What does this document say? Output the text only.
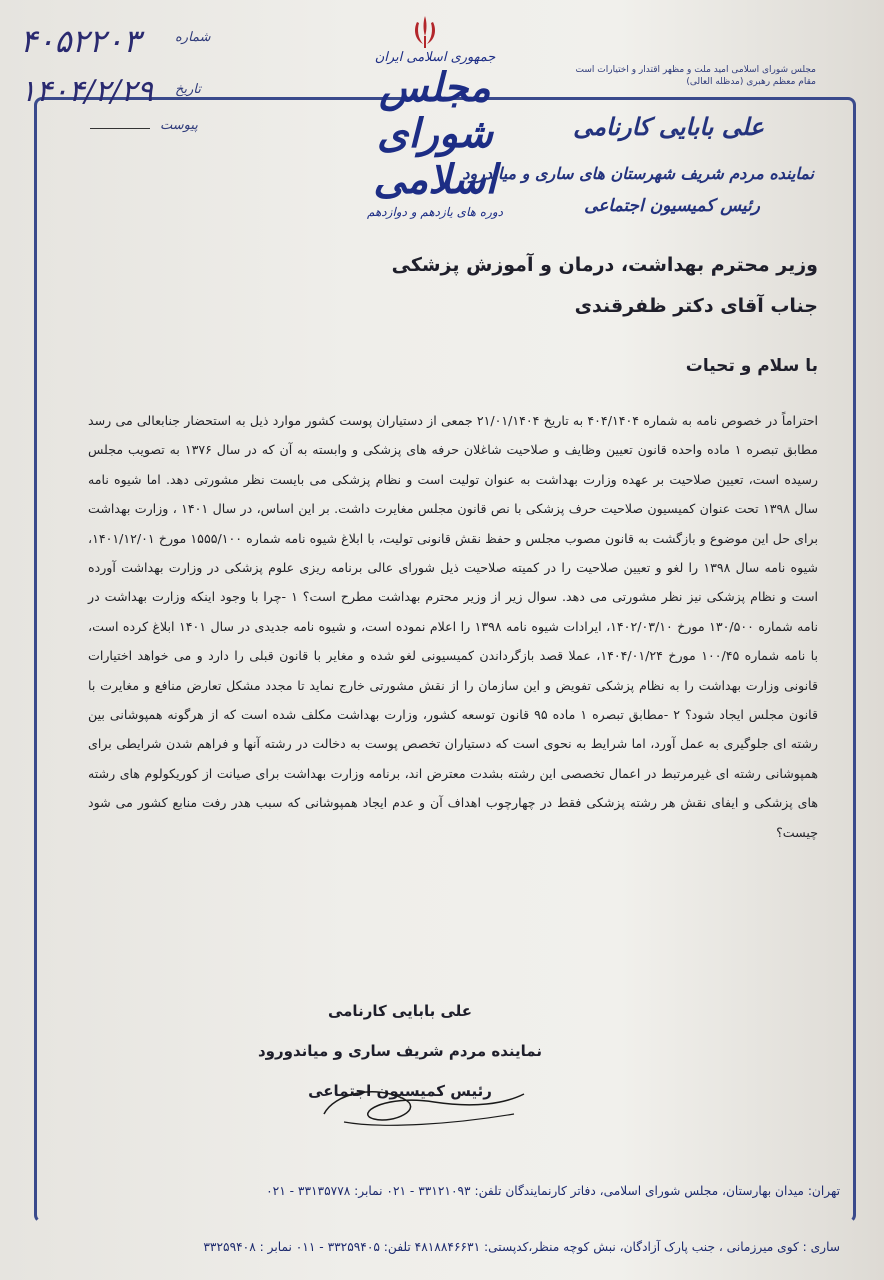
۴۰۵۲۲۰۳	شماره
۱۴۰۴/۲/۲۹ تاریخ
پیوست
جمهوری اسلامی ایران
مجلس شورای اسلامی
دوره های یازدهم و دوازدهم
مجلس شورای اسلامی امید ملت و مظهر اقتدار و اختیارات است
مقام معظم رهبری (مدظله العالی)
علی بابایی کارنامی
نماینده مردم شریف شهرستان های ساری و میاندرود
رئیس کمیسیون اجتماعی
وزیر محترم بهداشت، درمان و آموزش پزشکی
جناب آقای دکتر ظفرقندی
با سلام و تحیات
احتراماً در خصوص نامه به شماره ۴۰۴/۱۴۰۴ به تاریخ ۲۱/۰۱/۱۴۰۴ جمعی از دستیاران پوست کشور موارد ذیل به استحضار جنابعالی می رسد مطابق تبصره ۱ ماده واحده قانون تعیین وظایف و صلاحیت شاغلان حرفه های پزشکی و وابسته به آن که در سال ۱۳۷۶ به تصویب مجلس رسیده است، تعیین صلاحیت بر عهده وزارت بهداشت به عنوان تولیت است و نظام پزشکی می بایست نظر مشورتی دهد. اما شیوه نامه سال ۱۳۹۸ تحت عنوان کمیسیون صلاحیت حرف پزشکی با نص قانون مجلس مغایرت داشت. بر این اساس، در سال ۱۴۰۱ ، وزارت بهداشت برای حل این موضوع و بازگشت به قانون مصوب مجلس و حفظ نقش قانونی تولیت، با ابلاغ شیوه نامه شماره ۱۵۵۵/۱۰۰ مورخ ۱۴۰۱/۱۲/۰۱، شیوه نامه سال ۱۳۹۸ را لغو و تعیین صلاحیت را در کمیته صلاحیت ذیل شورای عالی برنامه ریزی علوم پزشکی در وزارت بهداشت آورده است و نظام پزشکی نیز نظر مشورتی می دهد. سوال زیر از وزیر محترم بهداشت مطرح است؟ ۱ -چرا با وجود اینکه وزارت بهداشت در نامه شماره ۱۳۰/۵۰۰ مورخ ۱۴۰۲/۰۳/۱۰، ایرادات شیوه نامه ۱۳۹۸ را اعلام نموده است، و شیوه نامه جدیدی در سال ۱۴۰۱ ابلاغ کرده است، با نامه شماره ۱۰۰/۴۵ مورخ ۱۴۰۴/۰۱/۲۴، عملا قصد بازگرداندن کمیسیونی لغو شده و مغایر با قانون قبلی را دارد و می خواهد اختیارات قانونی وزارت بهداشت را به نظام پزشکی تفویض و این سازمان را از نقش مشورتی خارج نماید تا مجدد مشکل تعارض منافع و مغایرت با قانون مجلس ایجاد شود؟ ۲ -مطابق تبصره ۱ ماده ۹۵ قانون توسعه کشور، وزارت بهداشت مکلف شده است که از هرگونه همپوشانی بین رشته ای جلوگیری به عمل آورد، اما شرایط به نحوی است که دستیاران تخصص پوست به دخالت در رشته آنها و فراهم شدن شرایطی برای همپوشانی رشته ای غیرمرتبط در اعمال تخصصی این رشته بشدت معترض اند، برنامه وزارت بهداشت برای صیانت از کوریکولوم های رشته های پزشکی و ایفای نقش هر رشته پزشکی فقط در چهارچوب اهداف آن و عدم ایجاد همپوشانی که سبب هدر رفت منابع کشور می شود چیست؟
علی بابایی کارنامی
نماینده مردم شریف ساری و میاندورود
رئیس کمیسیون اجتماعی
تهران: میدان بهارستان، مجلس شورای اسلامی، دفاتر کارنمایندگان تلفن: ۳۳۱۲۱۰۹۳ - ۰۲۱ نمابر: ۳۳۱۳۵۷۷۸ - ۰۲۱
ساری : کوی میرزمانی ، جنب پارک آزادگان، نبش کوچه منظر،کدپستی: ۴۸۱۸۸۴۶۶۳۱ تلفن: ۳۳۲۵۹۴۰۵ - ۰۱۱ نمابر : ۳۳۲۵۹۴۰۸
